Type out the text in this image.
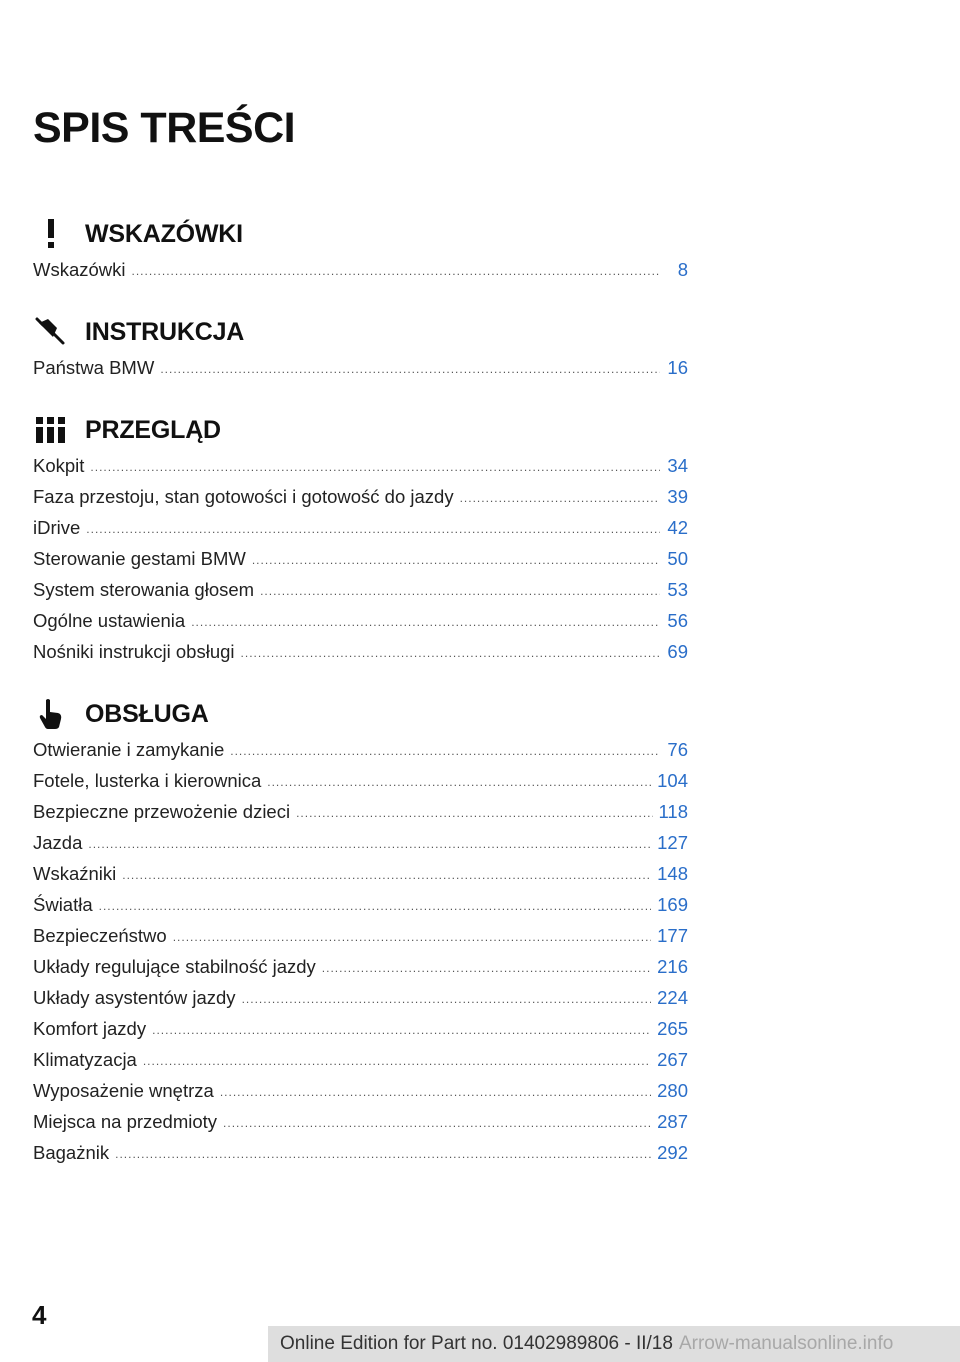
SPIS TREŚCI
WSKAZÓWKI
Wskazówki .....	8
INSTRUKCJA
Państwa BMW .....	16
PRZEGLĄD
Kokpit .....	34
Faza przestoju, stan gotowości i gotowość do jazdy .....	39
iDrive .....	42
Sterowanie gestami BMW .....	50
System sterowania głosem .....	53
Ogólne ustawienia .....	56
Nośniki instrukcji obsługi .....	69
OBSŁUGA
Otwieranie i zamykanie .....	76
Fotele, lusterka i kierownica .....	104
Bezpieczne przewożenie dzieci .....	118
Jazda .....	127
Wskaźniki .....	148
Światła .....	169
Bezpieczeństwo .....	177
Układy regulujące stabilność jazdy .....	216
Układy asystentów jazdy .....	224
Komfort jazdy .....	265
Klimatyzacja .....	267
Wyposażenie wnętrza .....	280
Miejsca na przedmioty .....	287
Bagażnik .....	292
4
Online Edition for Part no. 01402989806 - II/18 Arrow-manualsonline.info
